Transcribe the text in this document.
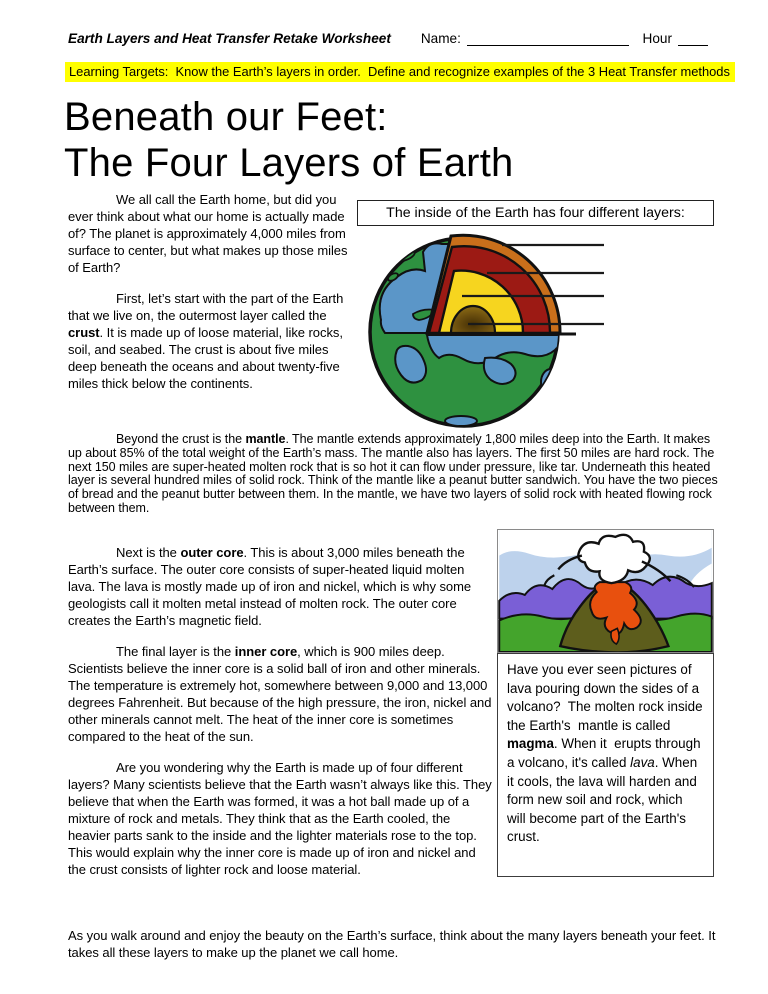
Earth Layers and Heat Transfer Retake Worksheet Name:	Hour
Learning Targets:  Know the Earth’s layers in order.  Define and recognize examples of the 3 Heat Transfer methods
Beneath our Feet:
The Four Layers of Earth

We all call the Earth home, but did you ever think about what our home is actually made of? The planet is approximately 4,000 miles from surface to center, but what makes up those miles of Earth?

First, let’s start with the part of the Earth that we live on, the outermost layer called the crust. It is made up of loose material, like rocks, soil, and seabed. The crust is about five miles deep beneath the oceans and about twenty-five miles thick below the continents.

The inside of the Earth has four different layers:

Beyond the crust is the mantle. The mantle extends approximately 1,800 miles deep into the Earth. It makes up about 85% of the total weight of the Earth’s mass. The mantle also has layers. The first 50 miles are hard rock. The next 150 miles are super-heated molten rock that is so hot it can flow under pressure, like tar. Underneath this heated layer is several hundred miles of solid rock. Think of the mantle like a peanut butter sandwich. You have the two pieces of bread and the peanut butter between them. In the mantle, we have two layers of solid rock with heated flowing rock between them.

Next is the outer core. This is about 3,000 miles beneath the Earth’s surface. The outer core consists of super-heated liquid molten lava. The lava is mostly made up of iron and nickel, which is why some geologists call it molten metal instead of molten rock. The outer core creates the Earth’s magnetic field.

The final layer is the inner core, which is 900 miles deep. Scientists believe the inner core is a solid ball of iron and other minerals. The temperature is extremely hot, somewhere between 9,000 and 13,000 degrees Fahrenheit. But because of the high pressure, the iron, nickel and other minerals cannot melt. The heat of the inner core is sometimes compared to the heat of the sun.

Are you wondering why the Earth is made up of four different layers? Many scientists believe that the Earth wasn’t always like this. They believe that when the Earth was formed, it was a hot ball made up of a mixture of rock and metals. They think that as the Earth cooled, the heavier parts sank to the inside and the lighter materials rose to the top. This would explain why the inner core is made up of iron and nickel and the crust consists of lighter rock and loose material.

Have you ever seen pictures of lava pouring down the sides of a volcano?  The molten rock inside the Earth's  mantle is called magma. When it  erupts through a volcano, it's called lava. When it cools, the lava will harden and form new soil and rock, which will become part of the Earth's crust.

As you walk around and enjoy the beauty on the Earth’s surface, think about the many layers beneath your feet. It takes all these layers to make up the planet we call home.
